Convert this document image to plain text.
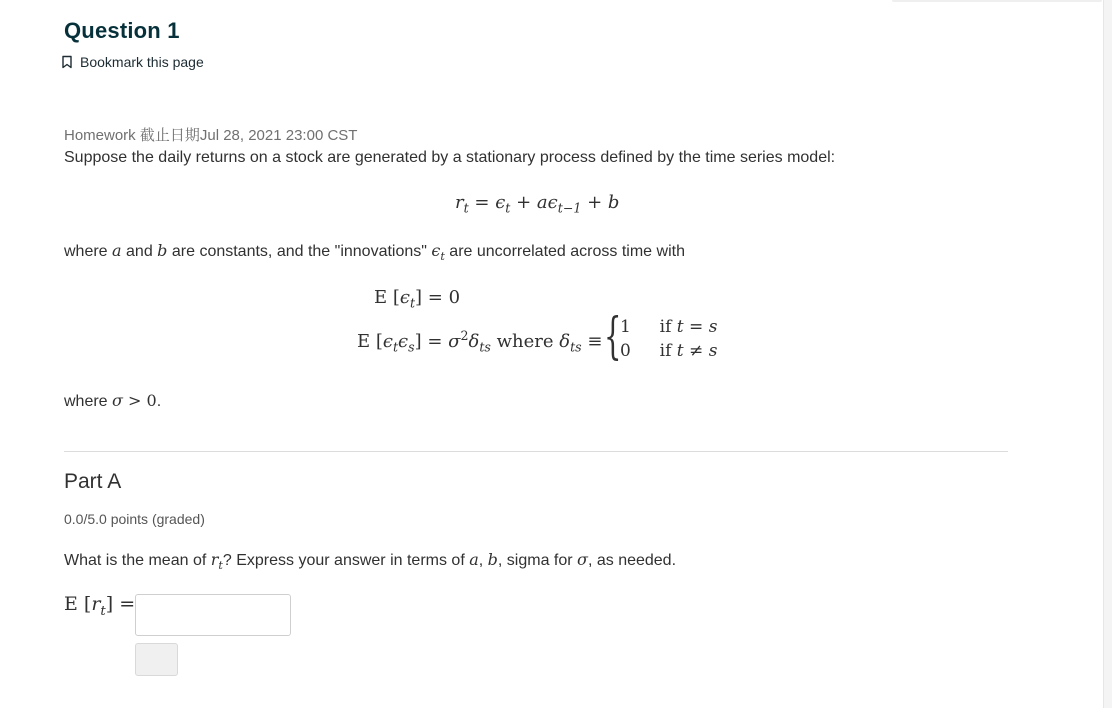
Question 1
Bookmark this page
Homework 截止日期Jul 28, 2021 23:00 CST
Suppose the daily returns on a stock are generated by a stationary process defined by the time series model:
$r_t = \epsilon_t + a\epsilon_{t-1} + b$
where a and b are constants, and the "innovations" $\epsilon_t$ are uncorrelated across time with
E $[\epsilon_t] = 0$
E $[\epsilon_t\epsilon_s] = \sigma^2\delta_{ts}$ where $\delta_{ts}$ ≡ {
1 if t = s
0 if t ≠ s
where σ > 0.
Part A
0.0/5.0 points (graded)
What is the mean of $r_t$? Express your answer in terms of a, b, sigma for σ, as needed.
E $[r_t]$ =
